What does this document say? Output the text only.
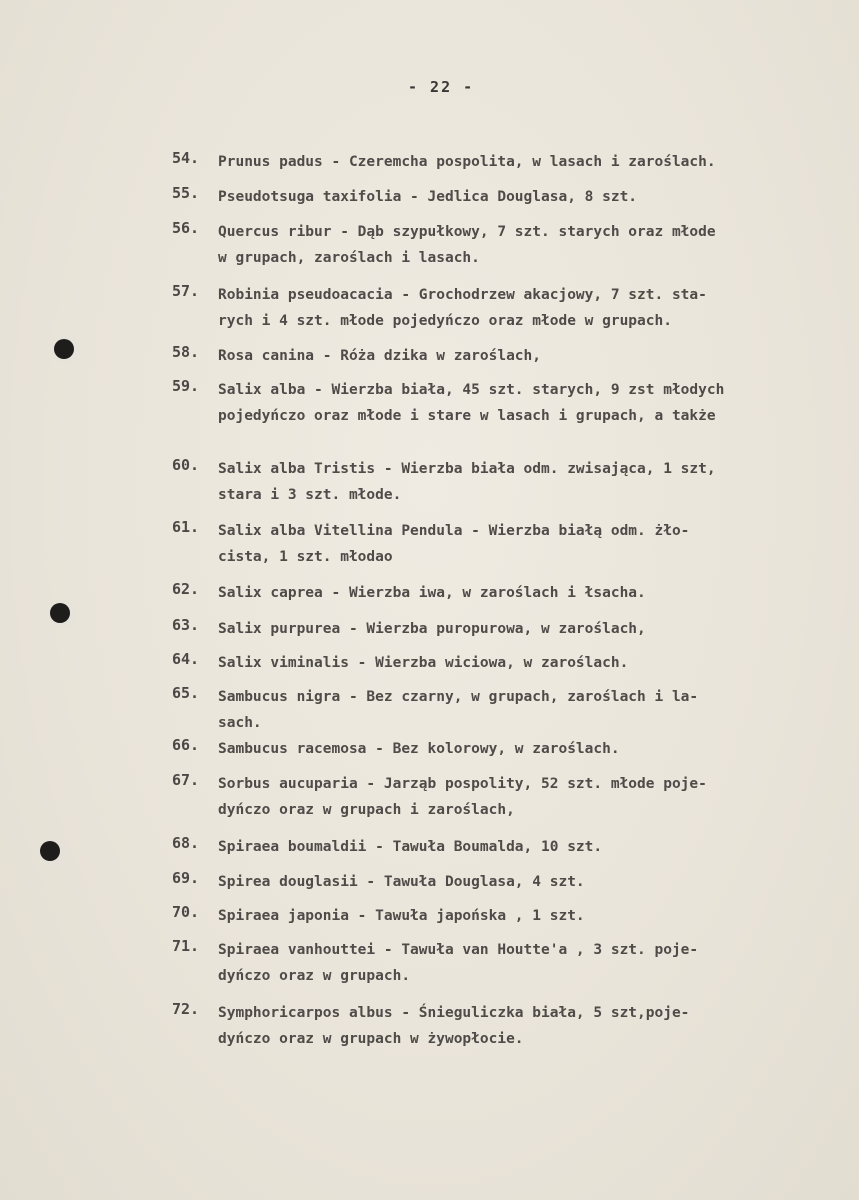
- 22 -
54.	Prunus padus - Czeremcha pospolita, w lasach i zaroślach.
55.	Pseudotsuga taxifolia - Jedlica Douglasa, 8 szt.
56.	Quercus ribur - Dąb szypułkowy, 7 szt. starych oraz młode
w grupach, zaroślach i lasach.
57.	Robinia pseudoacacia - Grochodrzew akacjowy, 7 szt. sta-
rych i 4 szt. młode pojedyńczo oraz młode w grupach.
58.	Rosa canina - Róża dzika w zaroślach,
59.	Salix alba - Wierzba biała, 45 szt. starych, 9 zst młodych
pojedyńczo oraz młode i stare w lasach i grupach, a także
60.	Salix alba Tristis - Wierzba biała odm. zwisająca, 1 szt,
stara i 3 szt. młode.
61.	Salix alba Vitellina Pendula - Wierzba białą odm. żło-
cista, 1 szt. młodao
62.	Salix caprea - Wierzba iwa, w zaroślach i łsacha.
63.	Salix purpurea - Wierzba puropurowa, w zaroślach,
64.	Salix viminalis - Wierzba wiciowa, w zaroślach.
65.	Sambucus nigra - Bez czarny, w grupach, zaroślach i la-
sach.
66.	Sambucus racemosa - Bez kolorowy, w zaroślach.
67.	Sorbus aucuparia - Jarząb pospolity, 52 szt. młode poje-
dyńczo oraz w grupach i zaroślach,
68.	Spiraea boumaldii - Tawuła Boumalda, 10 szt.
69.	Spirea douglasii - Tawuła Douglasa, 4 szt.
70.	Spiraea japonia - Tawuła japońska , 1 szt.
71.	Spiraea vanhouttei - Tawuła van Houtte'a , 3 szt. poje-
dyńczo oraz w grupach.
72.	Symphoricarpos albus - Śnieguliczka biała, 5 szt,poje-
dyńczo oraz w grupach w żywopłocie.
